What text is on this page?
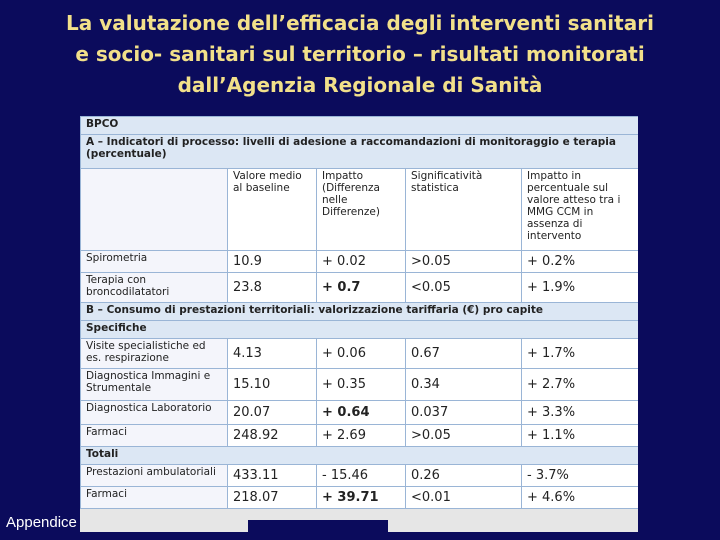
La valutazione dell’efficacia degli interventi sanitari
e socio- sanitari sul territorio – risultati monitorati
dall’Agenzia Regionale di Sanità
BPCO				
A – Indicatori di processo: livelli di adesione a raccomandazioni di monitoraggio e terapia (percentuale)				
	Valore medio al baseline	Impatto (Differenza nelle Differenze)	Significatività statistica	Impatto in percentuale sul valore atteso tra i MMG CCM in assenza di intervento
Spirometria	10.9	+ 0.02	>0.05	+ 0.2%
Terapia con broncodilatatori	23.8	+ 0.7	<0.05	+ 1.9%
B – Consumo di prestazioni territoriali: valorizzazione tariffaria (€) pro capite				
Specifiche				
Visite specialistiche ed es. respirazione	4.13	+ 0.06	0.67	+ 1.7%
Diagnostica Immagini e Strumentale	15.10	+ 0.35	0.34	+ 2.7%
Diagnostica Laboratorio	20.07	+ 0.64	0.037	+ 3.3%
Farmaci	248.92	+ 2.69	>0.05	+ 1.1%
Totali				
Prestazioni ambulatoriali	433.11	- 15.46	0.26	- 3.7%
Farmaci	218.07	+ 39.71	<0.01	+ 4.6%
Appendice
